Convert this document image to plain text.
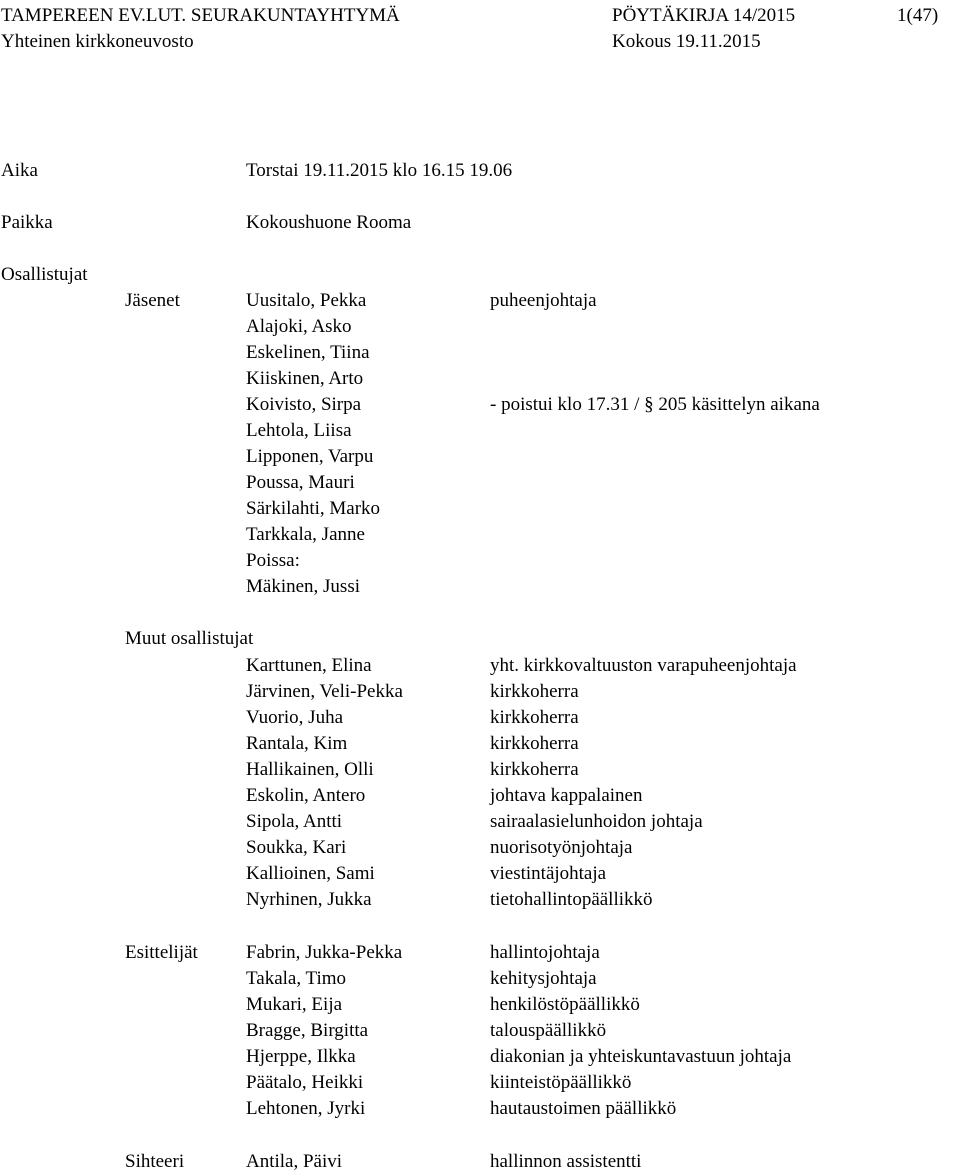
TAMPEREEN EV.LUT. SEURAKUNTAYHTYMÄ	PÖYTÄKIRJA 14/2015	1(47)
Yhteinen kirkkoneuvosto	Kokous 19.11.2015
Aika	Torstai 19.11.2015 klo 16.15 19.06
Paikka	Kokoushuone Rooma
Osallistujat
Jäsenet	Uusitalo, Pekka	puheenjohtaja
Alajoki, Asko
Eskelinen, Tiina
Kiiskinen, Arto
Koivisto, Sirpa	- poistui klo 17.31 / § 205 käsittelyn aikana
Lehtola, Liisa
Lipponen, Varpu
Poussa, Mauri
Särkilahti, Marko
Tarkkala, Janne
Poissa:
Mäkinen, Jussi
Muut osallistujat
Karttunen, Elina	yht. kirkkovaltuuston varapuheenjohtaja
Järvinen, Veli-Pekka	kirkkoherra
Vuorio, Juha	kirkkoherra
Rantala, Kim	kirkkoherra
Hallikainen, Olli	kirkkoherra
Eskolin, Antero	johtava kappalainen
Sipola, Antti	sairaalasielunhoidon johtaja
Soukka, Kari	nuorisotyönjohtaja
Kallioinen, Sami	viestintäjohtaja
Nyrhinen, Jukka	tietohallintopäällikkö
Esittelijät	Fabrin, Jukka-Pekka	hallintojohtaja
Takala, Timo	kehitysjohtaja
Mukari, Eija	henkilöstöpäällikkö
Bragge, Birgitta	talouspäällikkö
Hjerppe, Ilkka	diakonian ja yhteiskuntavastuun johtaja
Päätalo, Heikki	kiinteistöpäällikkö
Lehtonen, Jyrki	hautaustoimen päällikkö
Sihteeri	Antila, Päivi	hallinnon assistentti
